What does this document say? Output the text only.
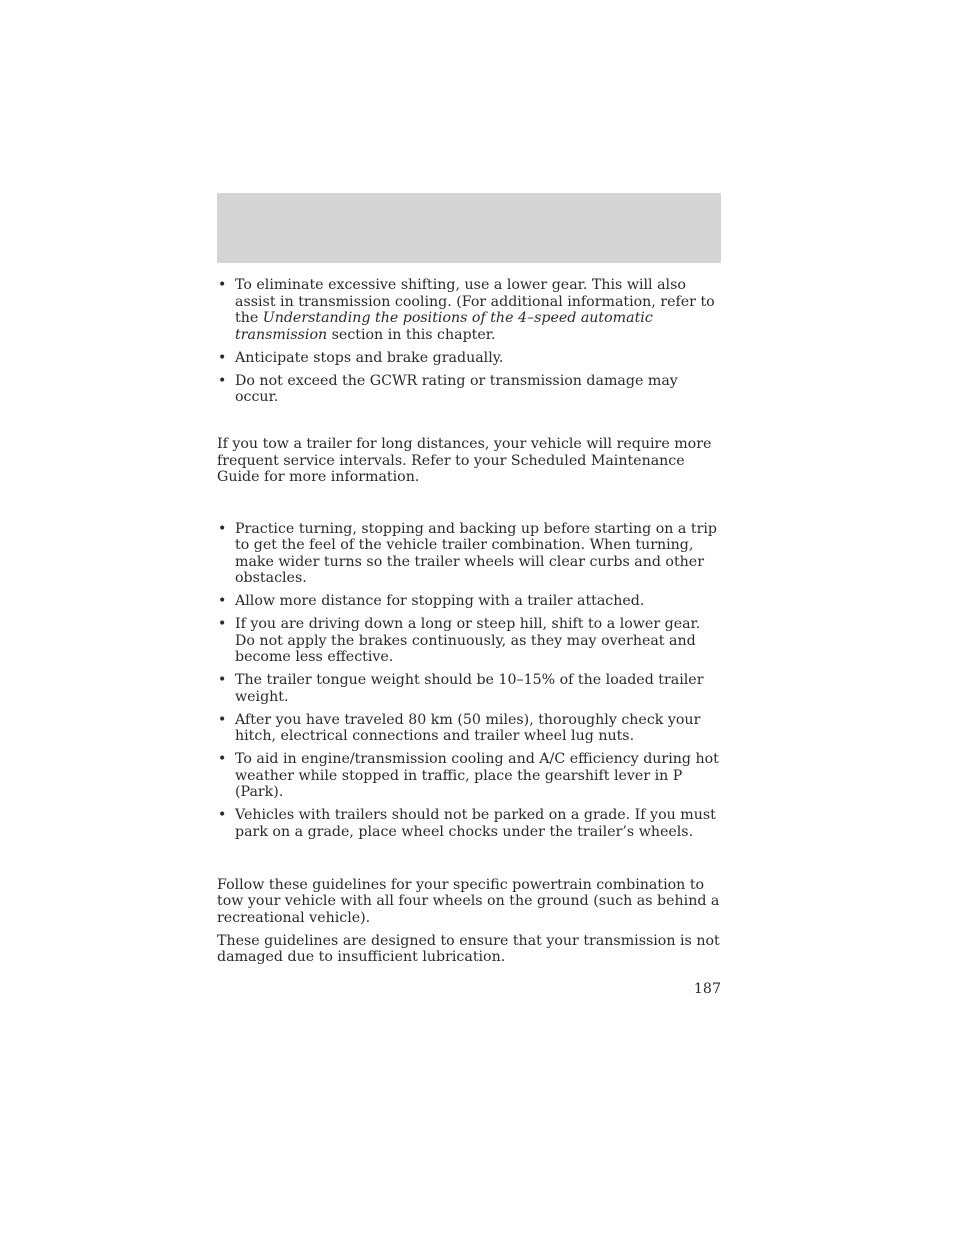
• To eliminate excessive shifting, use a lower gear. This will also assist in transmission cooling. (For additional information, refer to the Understanding the positions of the 4–speed automatic transmission section in this chapter.
• Anticipate stops and brake gradually.
• Do not exceed the GCWR rating or transmission damage may occur.

If you tow a trailer for long distances, your vehicle will require more frequent service intervals. Refer to your Scheduled Maintenance Guide for more information.

• Practice turning, stopping and backing up before starting on a trip to get the feel of the vehicle trailer combination. When turning, make wider turns so the trailer wheels will clear curbs and other obstacles.
• Allow more distance for stopping with a trailer attached.
• If you are driving down a long or steep hill, shift to a lower gear. Do not apply the brakes continuously, as they may overheat and become less effective.
• The trailer tongue weight should be 10–15% of the loaded trailer weight.
• After you have traveled 80 km (50 miles), thoroughly check your hitch, electrical connections and trailer wheel lug nuts.
• To aid in engine/transmission cooling and A/C efficiency during hot weather while stopped in traffic, place the gearshift lever in P (Park).
• Vehicles with trailers should not be parked on a grade. If you must park on a grade, place wheel chocks under the trailer’s wheels.

Follow these guidelines for your specific powertrain combination to tow your vehicle with all four wheels on the ground (such as behind a recreational vehicle).

These guidelines are designed to ensure that your transmission is not damaged due to insufficient lubrication.

187
